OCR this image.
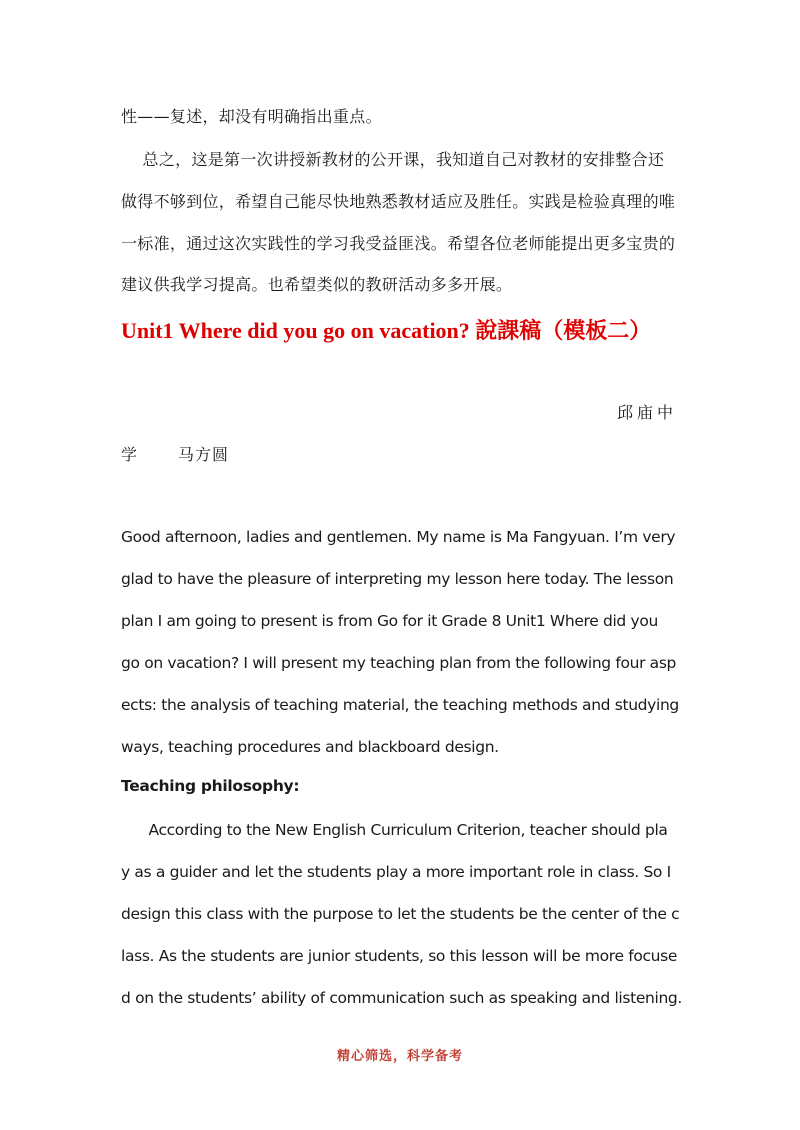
性——复述，却没有明确指出重点。
总之，这是第一次讲授新教材的公开课，我知道自己对教材的安排整合还
做得不够到位，希望自己能尽快地熟悉教材适应及胜任。实践是检验真理的唯
一标准，通过这次实践性的学习我受益匪浅。希望各位老师能提出更多宝贵的
建议供我学习提高。也希望类似的教研活动多多开展。
Unit1 Where did you go on vacation? 說課稿（模板二）
邱庙中
学	马方圆
Good afternoon, ladies and gentlemen. My name is Ma Fangyuan. I’m very
glad to have the pleasure of interpreting my lesson here today. The lesson
plan I am going to present is from Go for it Grade 8 Unit1 Where did you
go on vacation? I will present my teaching plan from the following four asp
ects: the analysis of teaching material, the teaching methods and studying
ways, teaching procedures and blackboard design.
Teaching philosophy:
According to the New English Curriculum Criterion, teacher should pla
y as a guider and let the students play a more important role in class. So I
design this class with the purpose to let the students be the center of the c
lass. As the students are junior students, so this lesson will be more focuse
d on the students’ ability of communication such as speaking and listening.
精心筛选，科学备考
